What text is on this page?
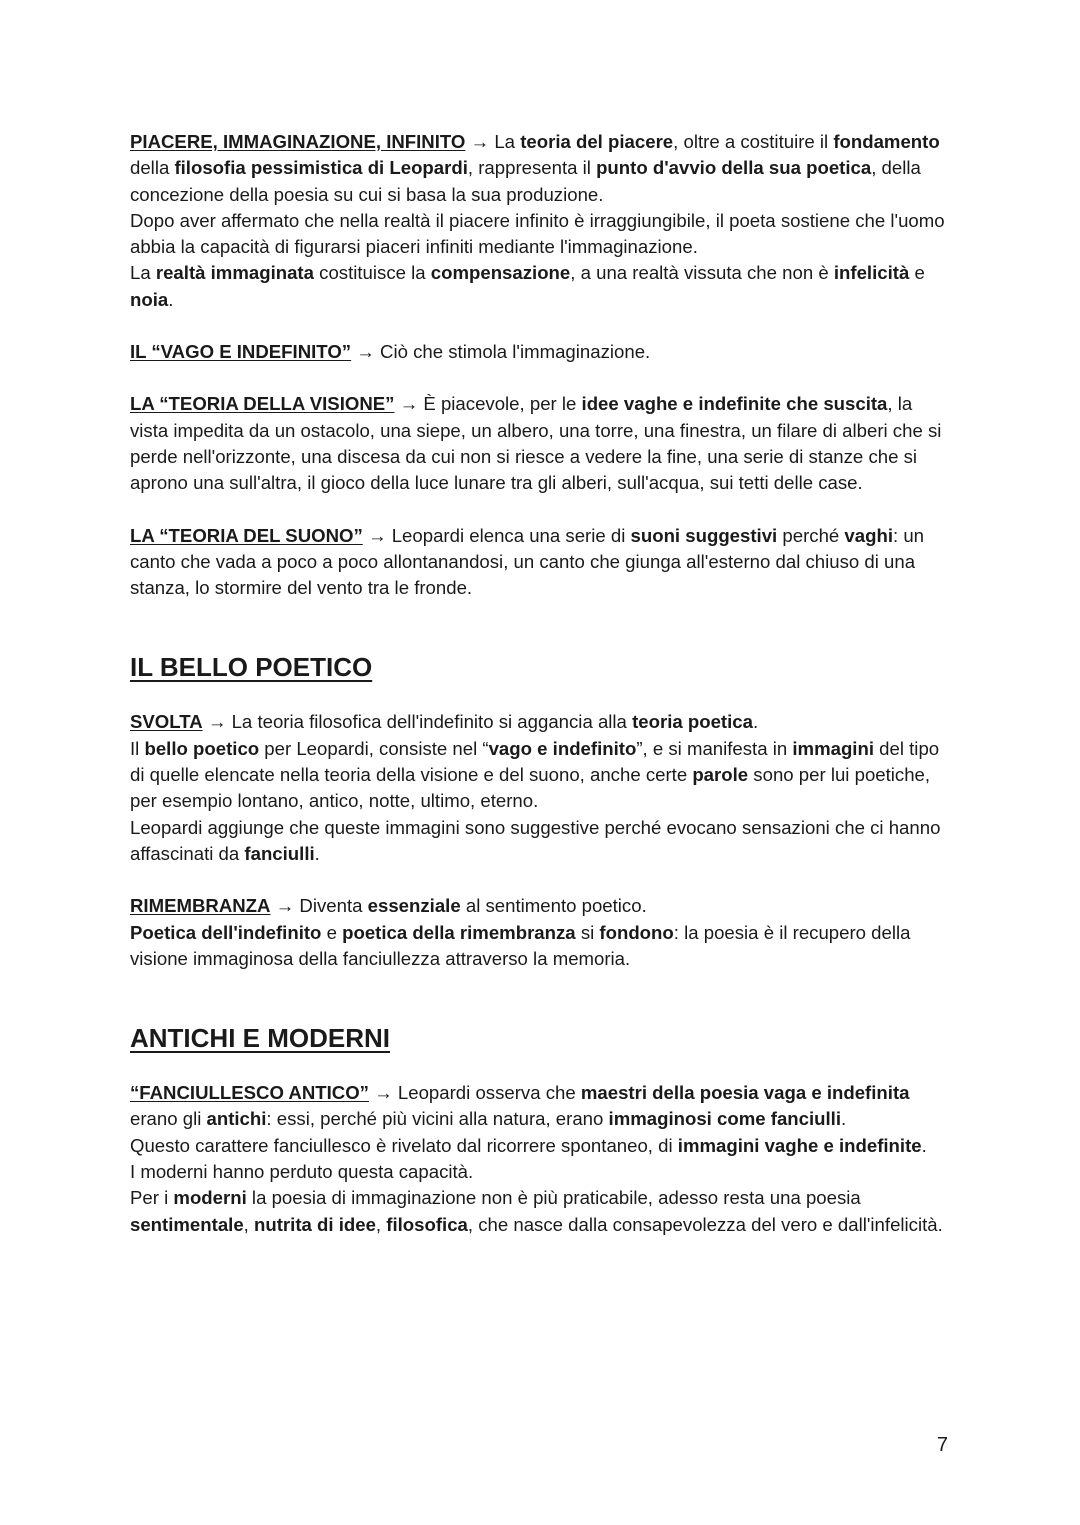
PIACERE, IMMAGINAZIONE, INFINITO → La teoria del piacere, oltre a costituire il fondamento della filosofia pessimistica di Leopardi, rappresenta il punto d'avvio della sua poetica, della concezione della poesia su cui si basa la sua produzione.

Dopo aver affermato che nella realtà il piacere infinito è irraggiungibile, il poeta sostiene che l'uomo abbia la capacità di figurarsi piaceri infiniti mediante l'immaginazione.

La realtà immaginata costituisce la compensazione, a una realtà vissuta che non è infelicità e noia.

IL “VAGO E INDEFINITO” → Ciò che stimola l'immaginazione.

LA “TEORIA DELLA VISIONE” → È piacevole, per le idee vaghe e indefinite che suscita, la vista impedita da un ostacolo, una siepe, un albero, una torre, una finestra, un filare di alberi che si perde nell'orizzonte, una discesa da cui non si riesce a vedere la fine, una serie di stanze che si aprono una sull'altra, il gioco della luce lunare tra gli alberi, sull'acqua, sui tetti delle case.

LA “TEORIA DEL SUONO” → Leopardi elenca una serie di suoni suggestivi perché vaghi: un canto che vada a poco a poco allontanandosi, un canto che giunga all'esterno dal chiuso di una stanza, lo stormire del vento tra le fronde.

IL BELLO POETICO

SVOLTA → La teoria filosofica dell'indefinito si aggancia alla teoria poetica.

Il bello poetico per Leopardi, consiste nel “vago e indefinito”, e si manifesta in immagini del tipo di quelle elencate nella teoria della visione e del suono, anche certe parole sono per lui poetiche, per esempio lontano, antico, notte, ultimo, eterno.

Leopardi aggiunge che queste immagini sono suggestive perché evocano sensazioni che ci hanno affascinati da fanciulli.

RIMEMBRANZA → Diventa essenziale al sentimento poetico.

Poetica dell'indefinito e poetica della rimembranza si fondono: la poesia è il recupero della visione immaginosa della fanciullezza attraverso la memoria.

ANTICHI E MODERNI

“FANCIULLESCO ANTICO” → Leopardi osserva che maestri della poesia vaga e indefinita erano gli antichi: essi, perché più vicini alla natura, erano immaginosi come fanciulli.

Questo carattere fanciullesco è rivelato dal ricorrere spontaneo, di immagini vaghe e indefinite.

I moderni hanno perduto questa capacità.

Per i moderni la poesia di immaginazione non è più praticabile, adesso resta una poesia sentimentale, nutrita di idee, filosofica, che nasce dalla consapevolezza del vero e dall'infelicità.

7
